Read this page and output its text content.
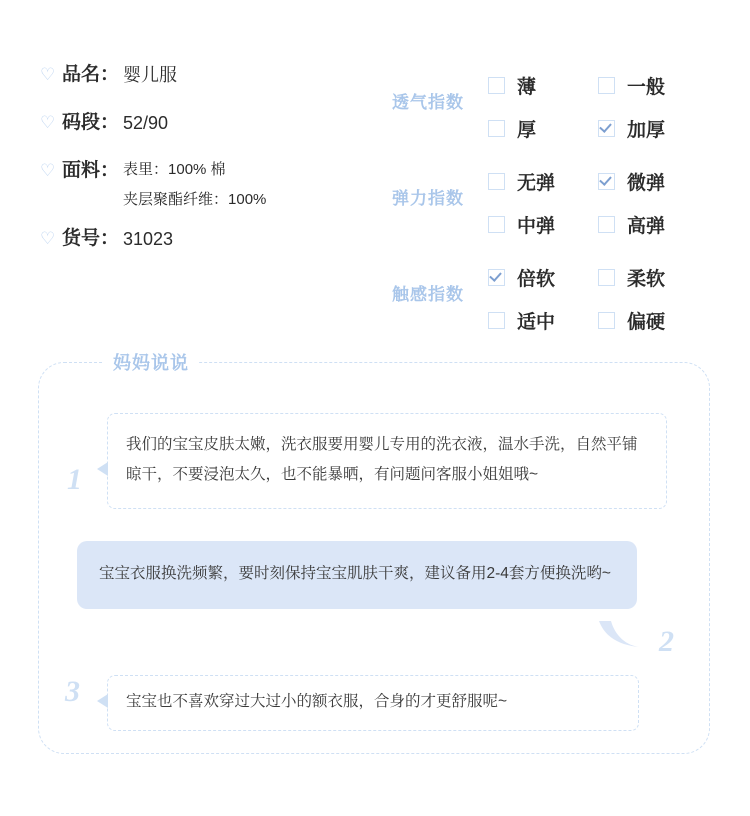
♡ 品名： 婴儿服
♡ 码段： 52/90
♡ 面料： 表里：100% 棉
夹层聚酯纤维：100%
♡ 货号： 31023
透气指数
薄	一般
厚	加厚
弹力指数
无弹	微弹
中弹	高弹
触感指数
倍软	柔软
适中	偏硬
妈妈说说
1
我们的宝宝皮肤太嫩，洗衣服要用婴儿专用的洗衣液，温水手洗，自然平铺晾干，不要浸泡太久，也不能暴晒，有问题问客服小姐姐哦~
宝宝衣服换洗频繁，要时刻保持宝宝肌肤干爽，建议备用2-4套方便换洗哟~
2
3	宝宝也不喜欢穿过大过小的额衣服，合身的才更舒服呢~
